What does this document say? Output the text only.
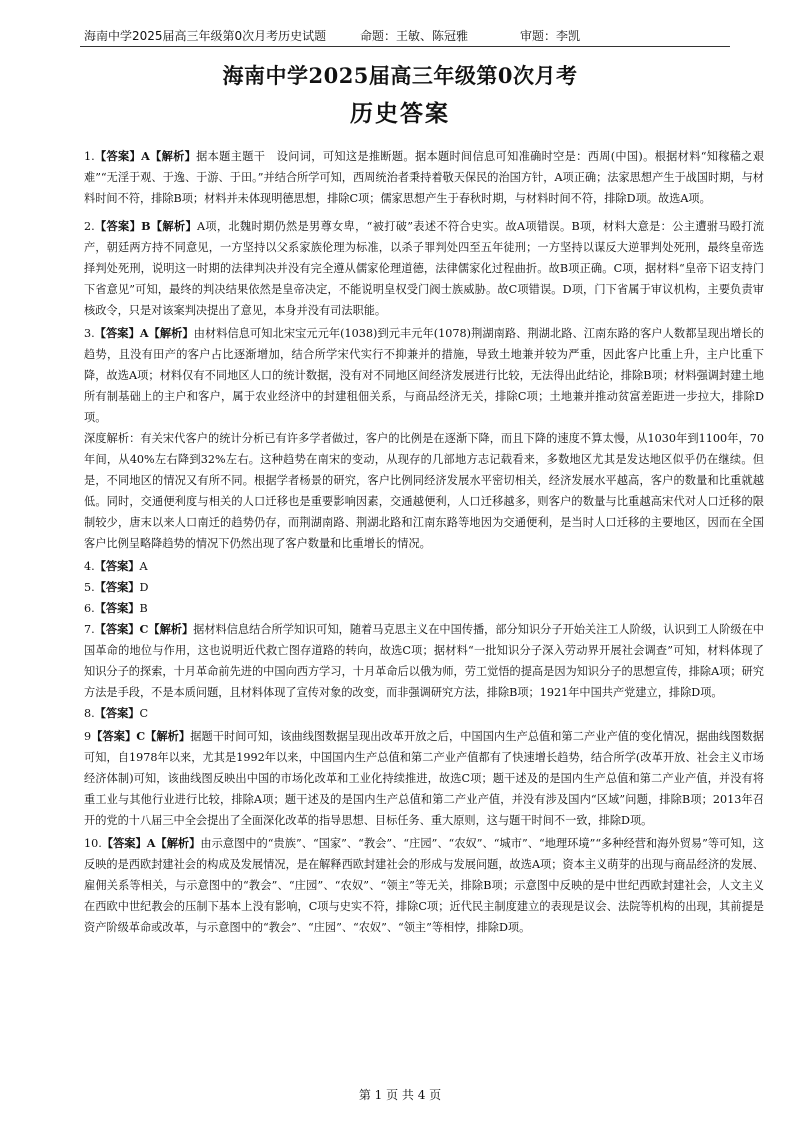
海南中学2025届高三年级第0次月考历史试题	命题：王敏、陈冠雅	审题：李凯
海南中学2025届高三年级第0次月考
历史答案

1.【答案】A【解析】据本题主题干　设问词，可知这是推断题。据本题时间信息可知准确时空是：西周(中国)。根据材料“知稼穑之艰难”“无淫于观、于逸、于游、于田。”并结合所学可知，西周统治者秉持着敬天保民的治国方针，A项正确；法家思想产生于战国时期，与材料时间不符，排除B项；材料并未体现明德思想，排除C项；儒家思想产生于春秋时期，与材料时间不符，排除D项。故选A项。

2.【答案】B【解析】A项，北魏时期仍然是男尊女卑，“被打破”表述不符合史实。故A项错误。B项，材料大意是：公主遭驸马殴打流产，朝廷两方持不同意见，一方坚持以父系家族伦理为标准，以杀子罪判处四至五年徒刑；一方坚持以谋反大逆罪判处死刑，最终皇帝选择判处死刑，说明这一时期的法律判决并没有完全遵从儒家伦理道德，法律儒家化过程曲折。故B项正确。C项，据材料“皇帝下诏支持门下省意见”可知，最终的判决结果依然是皇帝决定，不能说明皇权受门阀士族威胁。故C项错误。D项，门下省属于审议机构，主要负责审核政令，只是对该案判决提出了意见，本身并没有司法职能。

3.【答案】A【解析】由材料信息可知北宋宝元元年(1038)到元丰元年(1078)荆湖南路、荆湖北路、江南东路的客户人数都呈现出增长的趋势，且没有田产的客户占比逐渐增加，结合所学宋代实行不抑兼并的措施，导致土地兼并较为严重，因此客户比重上升，主户比重下降，故选A项；材料仅有不同地区人口的统计数据，没有对不同地区间经济发展进行比较，无法得出此结论，排除B项；材料强调封建土地所有制基础上的主户和客户，属于农业经济中的封建租佃关系，与商品经济无关，排除C项；土地兼并推动贫富差距进一步拉大，排除D项。

深度解析：有关宋代客户的统计分析已有许多学者做过，客户的比例是在逐渐下降，而且下降的速度不算太慢，从1030年到1100年，70年间，从40%左右降到32%左右。这种趋势在南宋的变动，从现存的几部地方志记载看来，多数地区尤其是发达地区似乎仍在继续。但是，不同地区的情况又有所不同。根据学者杨景的研究，客户比例同经济发展水平密切相关，经济发展水平越高，客户的数量和比重就越低。同时，交通便利度与相关的人口迁移也是重要影响因素，交通越便利，人口迁移越多，则客户的数量与比重越高宋代对人口迁移的限制较少，唐末以来人口南迁的趋势仍存，而荆湖南路、荆湖北路和江南东路等地因为交通便利，是当时人口迁移的主要地区，因而在全国客户比例呈略降趋势的情况下仍然出现了客户数量和比重增长的情况。

4.【答案】A

5.【答案】D

6.【答案】B

7.【答案】C【解析】据材料信息结合所学知识可知，随着马克思主义在中国传播，部分知识分子开始关注工人阶级，认识到工人阶级在中国革命的地位与作用，这也说明近代救亡图存道路的转向，故选C项；据材料“一批知识分子深入劳动界开展社会调查”可知，材料体现了知识分子的探索，十月革命前先进的中国向西方学习，十月革命后以俄为师，劳工觉悟的提高是因为知识分子的思想宣传，排除A项；研究方法是手段，不是本质问题，且材料体现了宣传对象的改变，而非强调研究方法，排除B项；1921年中国共产党建立，排除D项。

8.【答案】C

9【答案】C【解析】据题干时间可知，该曲线图数据呈现出改革开放之后，中国国内生产总值和第二产业产值的变化情况，据曲线图数据可知，自1978年以来，尤其是1992年以来，中国国内生产总值和第二产业产值都有了快速增长趋势，结合所学(改革开放、社会主义市场经济体制)可知，该曲线图反映出中国的市场化改革和工业化持续推进，故选C项；题干述及的是国内生产总值和第二产业产值，并没有将重工业与其他行业进行比较，排除A项；题干述及的是国内生产总值和第二产业产值，并没有涉及国内“区域”问题，排除B项；2013年召开的党的十八届三中全会提出了全面深化改革的指导思想、目标任务、重大原则，这与题干时间不一致，排除D项。

10.【答案】A【解析】由示意图中的“贵族”、“国家”、“教会”、“庄园”、“农奴”、“城市”、“地理环境”“多种经营和海外贸易”等可知，这反映的是西欧封建社会的构成及发展情况，是在解释西欧封建社会的形成与发展问题，故选A项；资本主义萌芽的出现与商品经济的发展、雇佣关系等相关，与示意图中的“教会”、“庄园”、“农奴”、“领主”等无关，排除B项；示意图中反映的是中世纪西欧封建社会，人文主义在西欧中世纪教会的压制下基本上没有影响，C项与史实不符，排除C项；近代民主制度建立的表现是议会、法院等机构的出现，其前提是资产阶级革命或改革，与示意图中的“教会”、“庄园”、“农奴”、“领主”等相悖，排除D项。

第 1 页 共 4 页
